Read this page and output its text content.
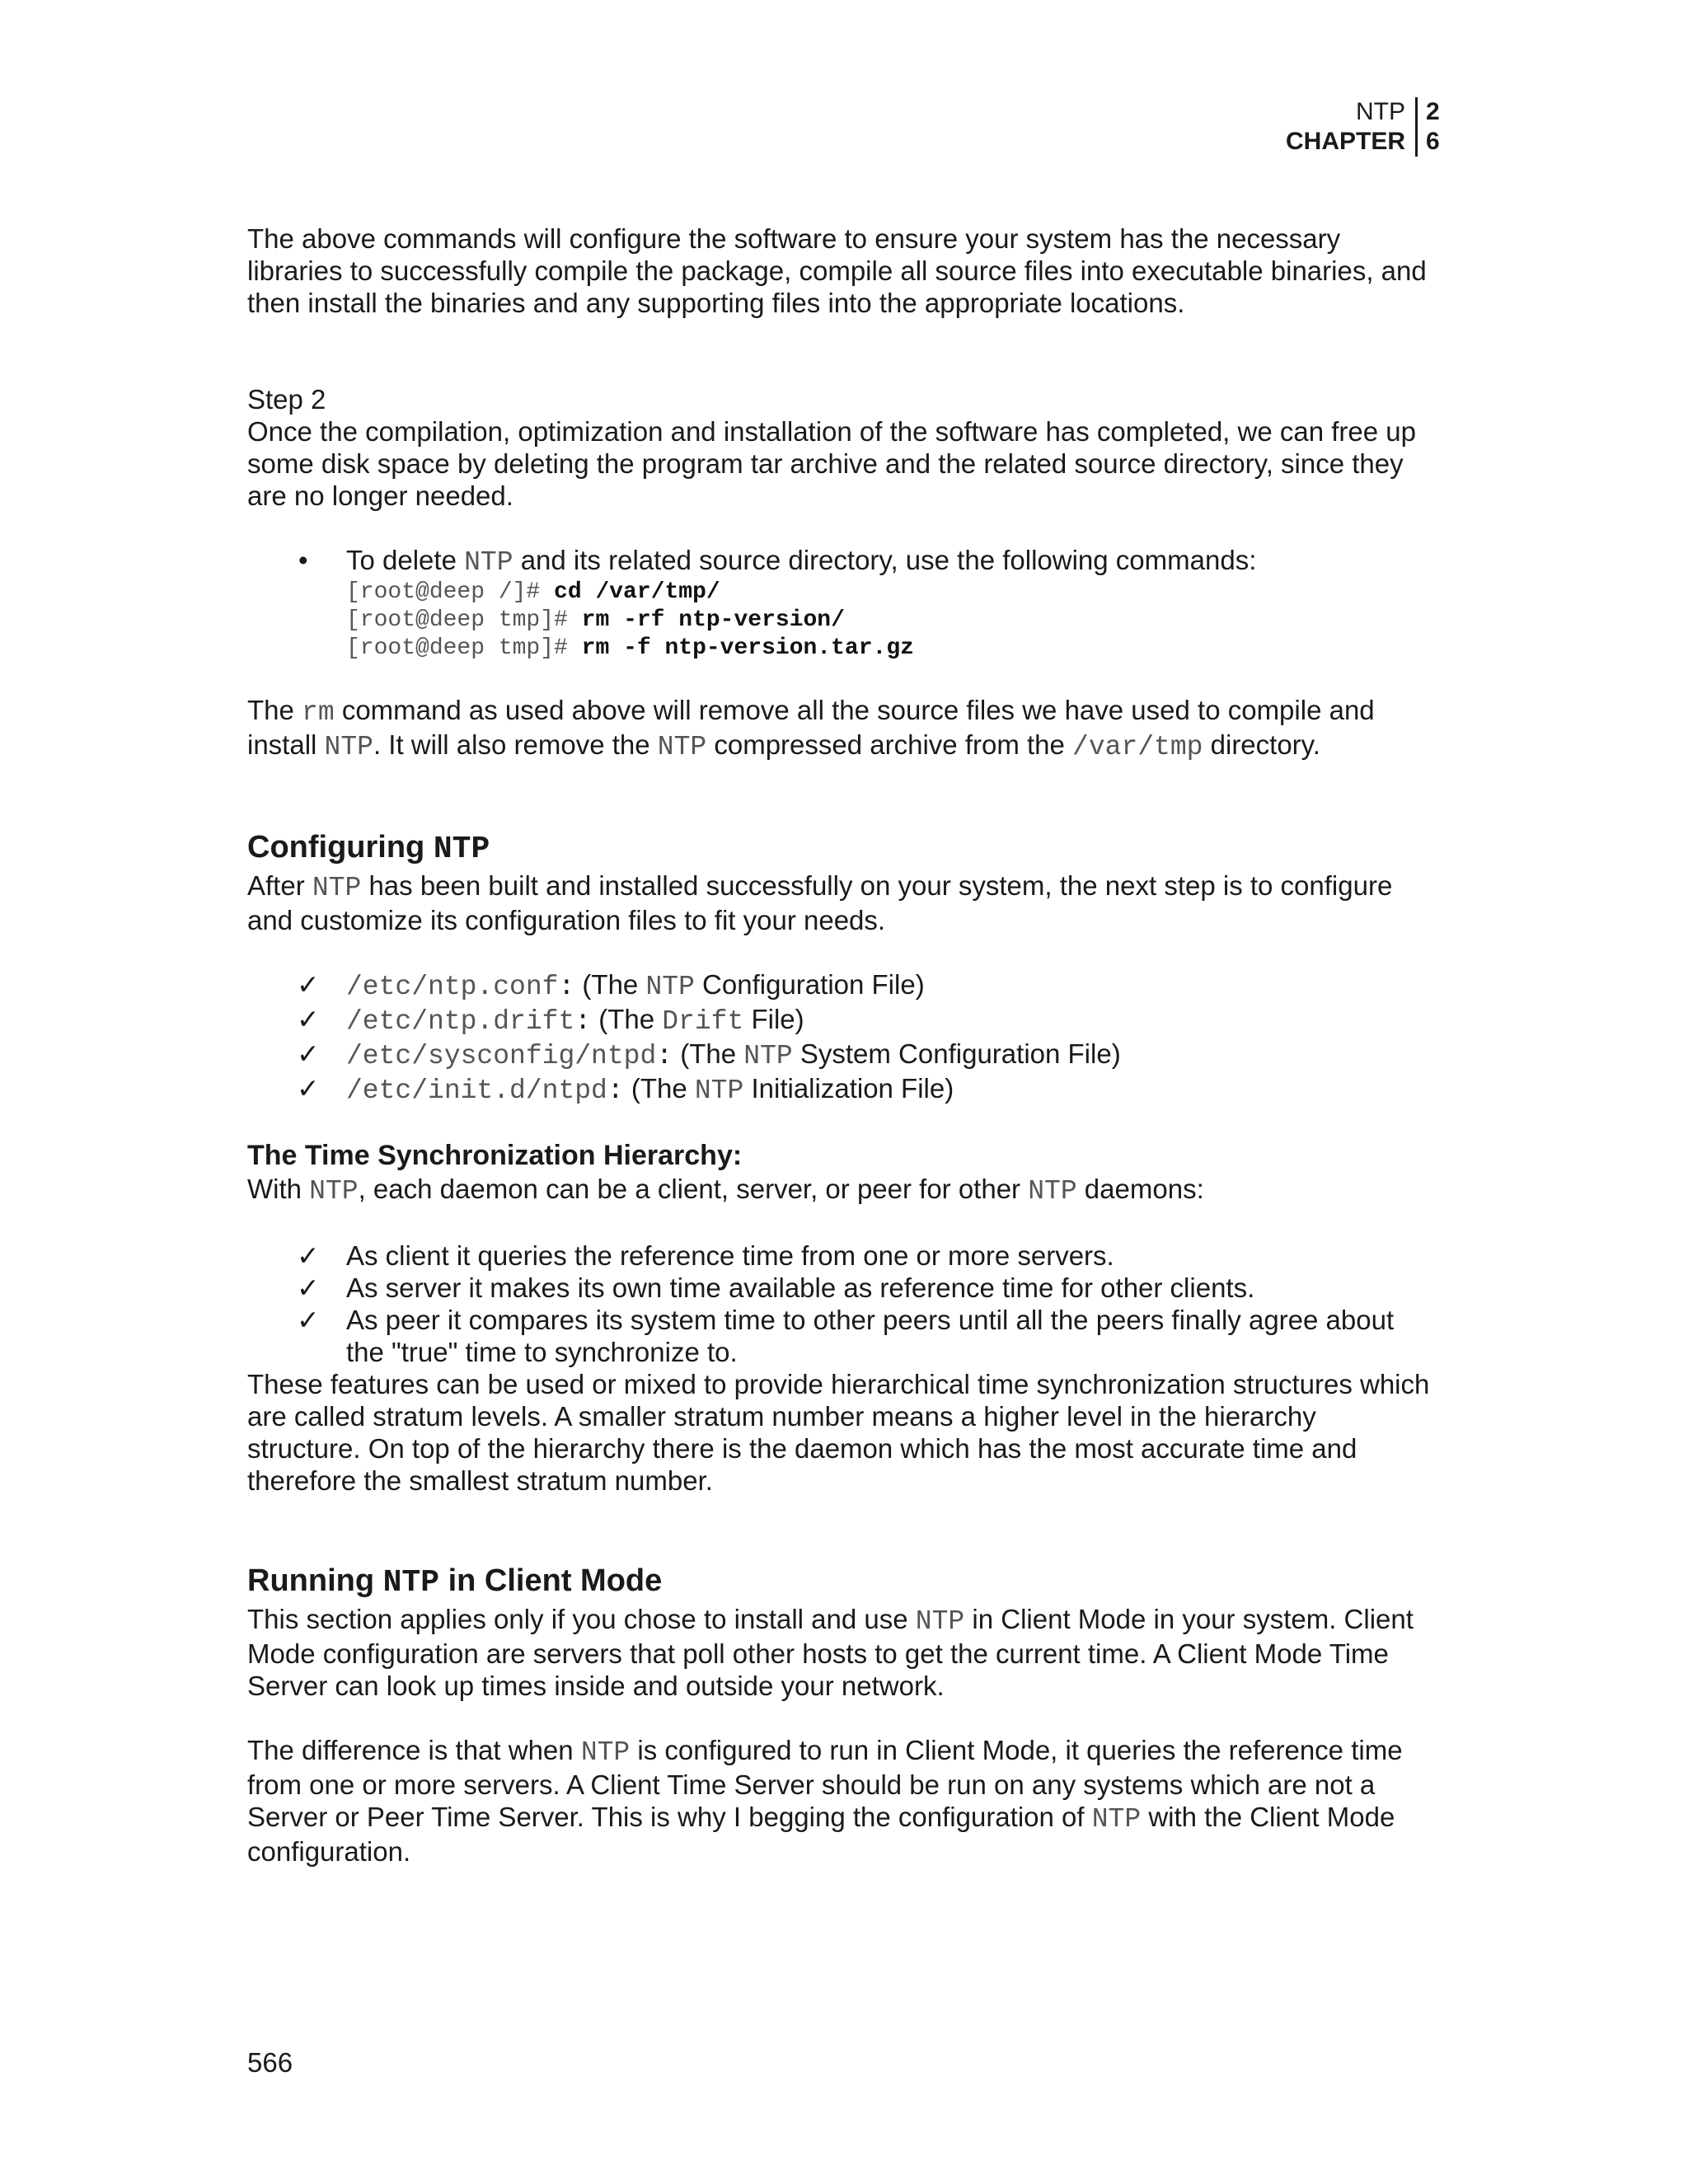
NTP
CHAPTER
2
6

The above commands will configure the software to ensure your system has the necessary libraries to successfully compile the package, compile all source files into executable binaries, and then install the binaries and any supporting files into the appropriate locations.

Step 2

Once the compilation, optimization and installation of the software has completed, we can free up some disk space by deleting the program tar archive and the related source directory, since they are no longer needed.

• To delete NTP and its related source directory, use the following commands:
[root@deep /]# cd /var/tmp/
[root@deep tmp]# rm -rf ntp-version/
[root@deep tmp]# rm -f ntp-version.tar.gz

The rm command as used above will remove all the source files we have used to compile and install NTP. It will also remove the NTP compressed archive from the /var/tmp directory.

Configuring NTP

After NTP has been built and installed successfully on your system, the next step is to configure and customize its configuration files to fit your needs.

✓ /etc/ntp.conf: (The NTP Configuration File)
✓ /etc/ntp.drift: (The Drift File)
✓ /etc/sysconfig/ntpd: (The NTP System Configuration File)
✓ /etc/init.d/ntpd: (The NTP Initialization File)
The Time Synchronization Hierarchy:

With NTP, each daemon can be a client, server, or peer for other NTP daemons:

✓ As client it queries the reference time from one or more servers.
✓ As server it makes its own time available as reference time for other clients.
✓ As peer it compares its system time to other peers until all the peers finally agree about the "true" time to synchronize to.

These features can be used or mixed to provide hierarchical time synchronization structures which are called stratum levels. A smaller stratum number means a higher level in the hierarchy structure. On top of the hierarchy there is the daemon which has the most accurate time and therefore the smallest stratum number.

Running NTP in Client Mode

This section applies only if you chose to install and use NTP in Client Mode in your system. Client Mode configuration are servers that poll other hosts to get the current time. A Client Mode Time Server can look up times inside and outside your network.

The difference is that when NTP is configured to run in Client Mode, it queries the reference time from one or more servers. A Client Time Server should be run on any systems which are not a Server or Peer Time Server. This is why I begging the configuration of NTP with the Client Mode configuration.

566
